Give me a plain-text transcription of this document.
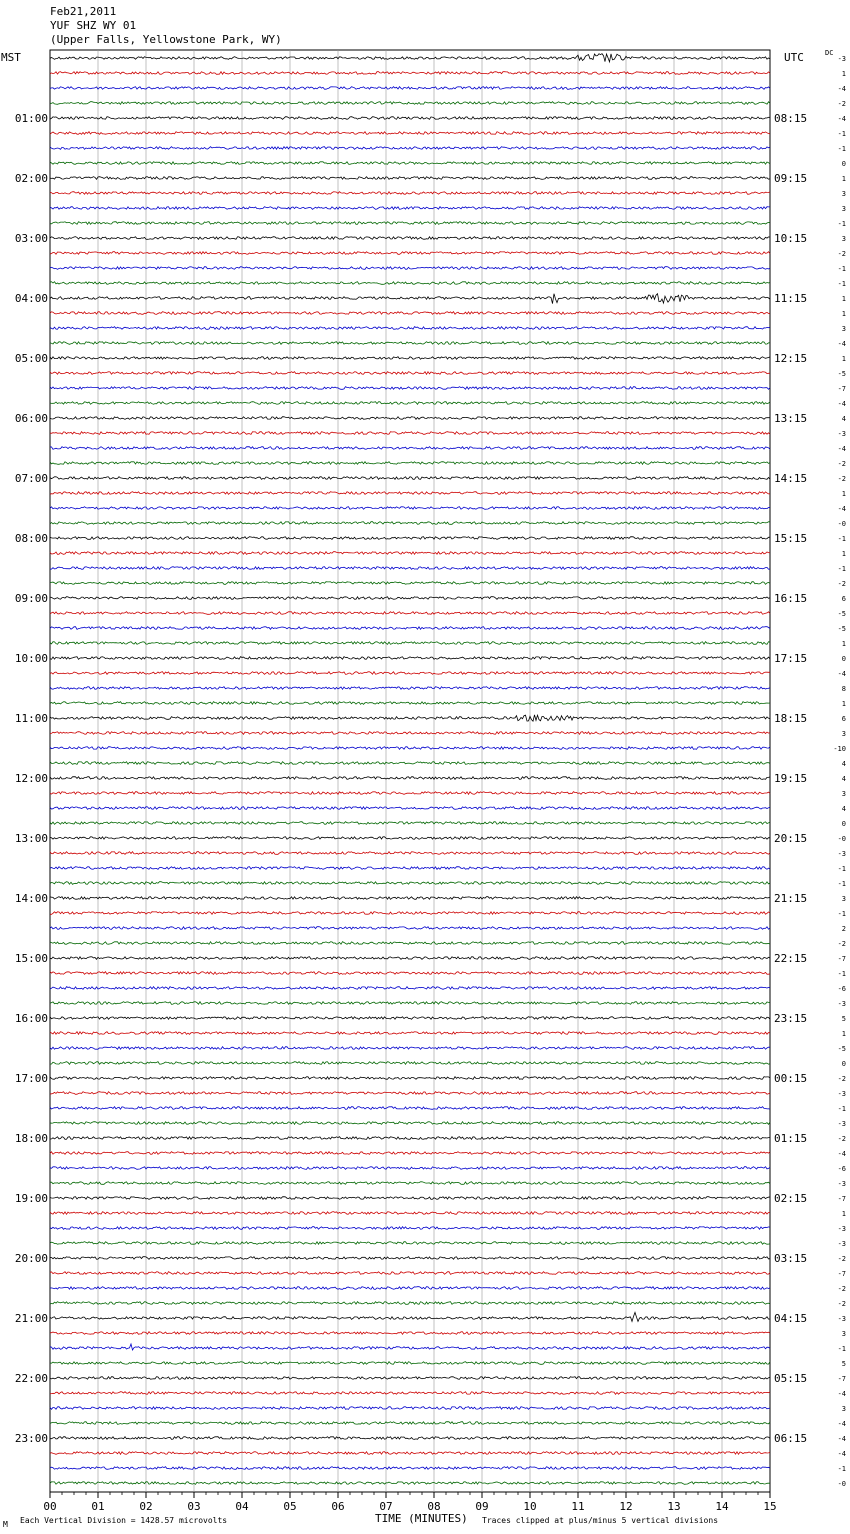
Feb21,2011
YUF SHZ WY 01
(Upper Falls, Yellowstone Park, WY)
MST	UTC	DC
-3
1
-4
-2
-4
-1
-1
0
1
3
3
-1
3
-2
-1
-1
1
1
3
-4
1
-5
-7
-4
4
-3
-4
-2
-2
1
-4
-0
-1
1
-1
-2
6
-5
-5
1
0
-4
8
1
6
3
-10
4
4
3
4
0
-0
-3
-1
-1
3
-1
2
-2
-7
-1
-6
-3
5
1
-5
0
-2
-3
-1
-3
-2
-4
-6
-3
-7
1
-3
-3
-2
-7
-2
-2
-3
3
-1
5
-7
-4
3
-4
-4
-4
-1
-0
01:00	08:15
02:00	09:15
03:00	10:15
04:00	11:15
05:00	12:15
06:00	13:15
07:00	14:15
08:00	15:15
09:00	16:15
10:00	17:15
11:00	18:15
12:00	19:15
13:00	20:15
14:00	21:15
15:00	22:15
16:00	23:15
17:00	00:15
18:00	01:15
19:00	02:15
20:00	03:15
21:00	04:15
22:00	05:15
23:00	06:15
00	01	02	03	04	05	06	07	08	09	10	11	12	13	14	15
M Each Vertical Division = 1428.57 microvolts	TIME (MINUTES) Traces clipped at plus/minus 5 vertical divisions
